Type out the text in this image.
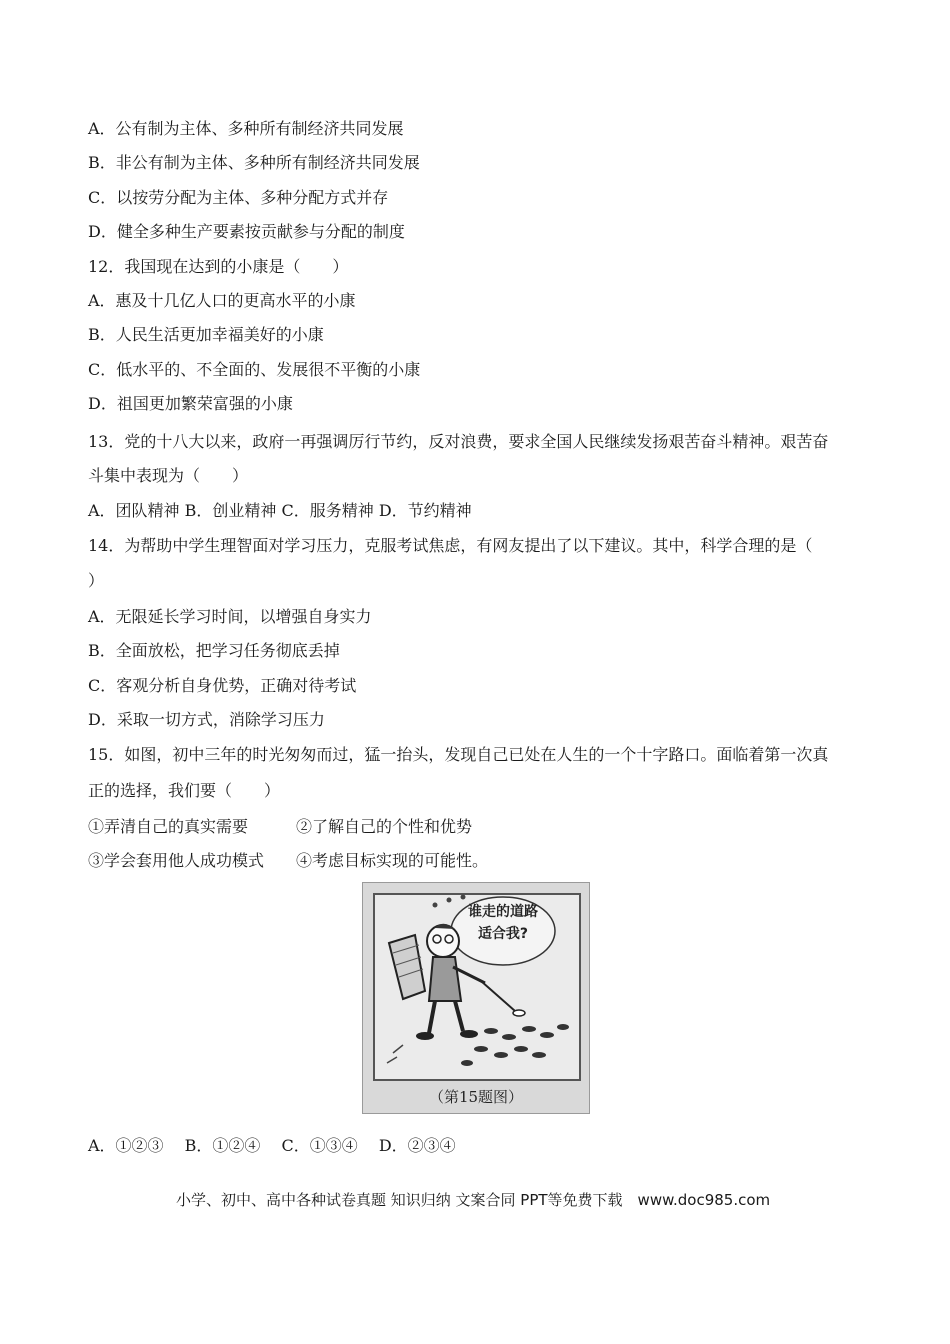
A．公有制为主体、多种所有制经济共同发展
B．非公有制为主体、多种所有制经济共同发展
C．以按劳分配为主体、多种分配方式并存
D．健全多种生产要素按贡献参与分配的制度
12．我国现在达到的小康是（　　）
A．惠及十几亿人口的更高水平的小康
B．人民生活更加幸福美好的小康
C．低水平的、不全面的、发展很不平衡的小康
D．祖国更加繁荣富强的小康
13．党的十八大以来，政府一再强调厉行节约，反对浪费，要求全国人民继续发扬艰苦奋斗精神。艰苦奋
斗集中表现为（　　）
A．团队精神 B．创业精神 C．服务精神 D．节约精神
14．为帮助中学生理智面对学习压力，克服考试焦虑，有网友提出了以下建议。其中，科学合理的是（
）
A．无限延长学习时间，以增强自身实力
B．全面放松，把学习任务彻底丢掉
C．客观分析自身优势，正确对待考试
D．采取一切方式，消除学习压力
15．如图，初中三年的时光匆匆而过，猛一抬头，发现自己已处在人生的一个十字路口。面临着第一次真
正的选择，我们要（　　）
①弄清自己的真实需要　　　②了解自己的个性和优势
③学会套用他人成功模式　　④考虑目标实现的可能性。
谁走的道路
适合我?
（第15题图）
A．①②③　 B．①②④　 C．①③④　 D．②③④
小学、初中、高中各种试卷真题 知识归纳 文案合同 PPT等免费下载　www.doc985.com
